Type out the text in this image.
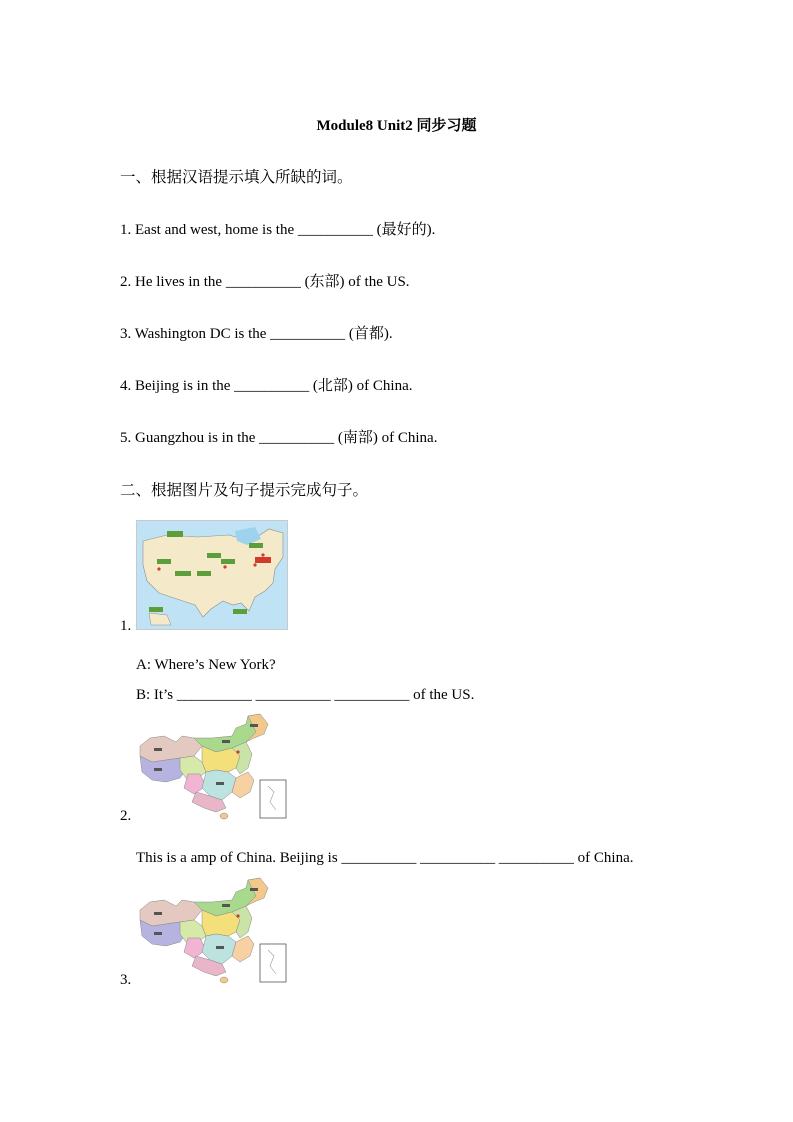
Module8 Unit2 同步习题
一、根据汉语提示填入所缺的词。
1. East and west, home is the __________ (最好的).
2. He lives in the __________ (东部) of the US.
3. Washington DC is the __________ (首都).
4. Beijing is in the __________ (北部) of China.
5. Guangzhou is in the __________ (南部) of China.
二、根据图片及句子提示完成句子。
1.
A: Where’s New York?
B: It’s __________ __________ __________ of the US.
2.
This is a amp of China. Beijing is __________ __________ __________ of China.
3.
